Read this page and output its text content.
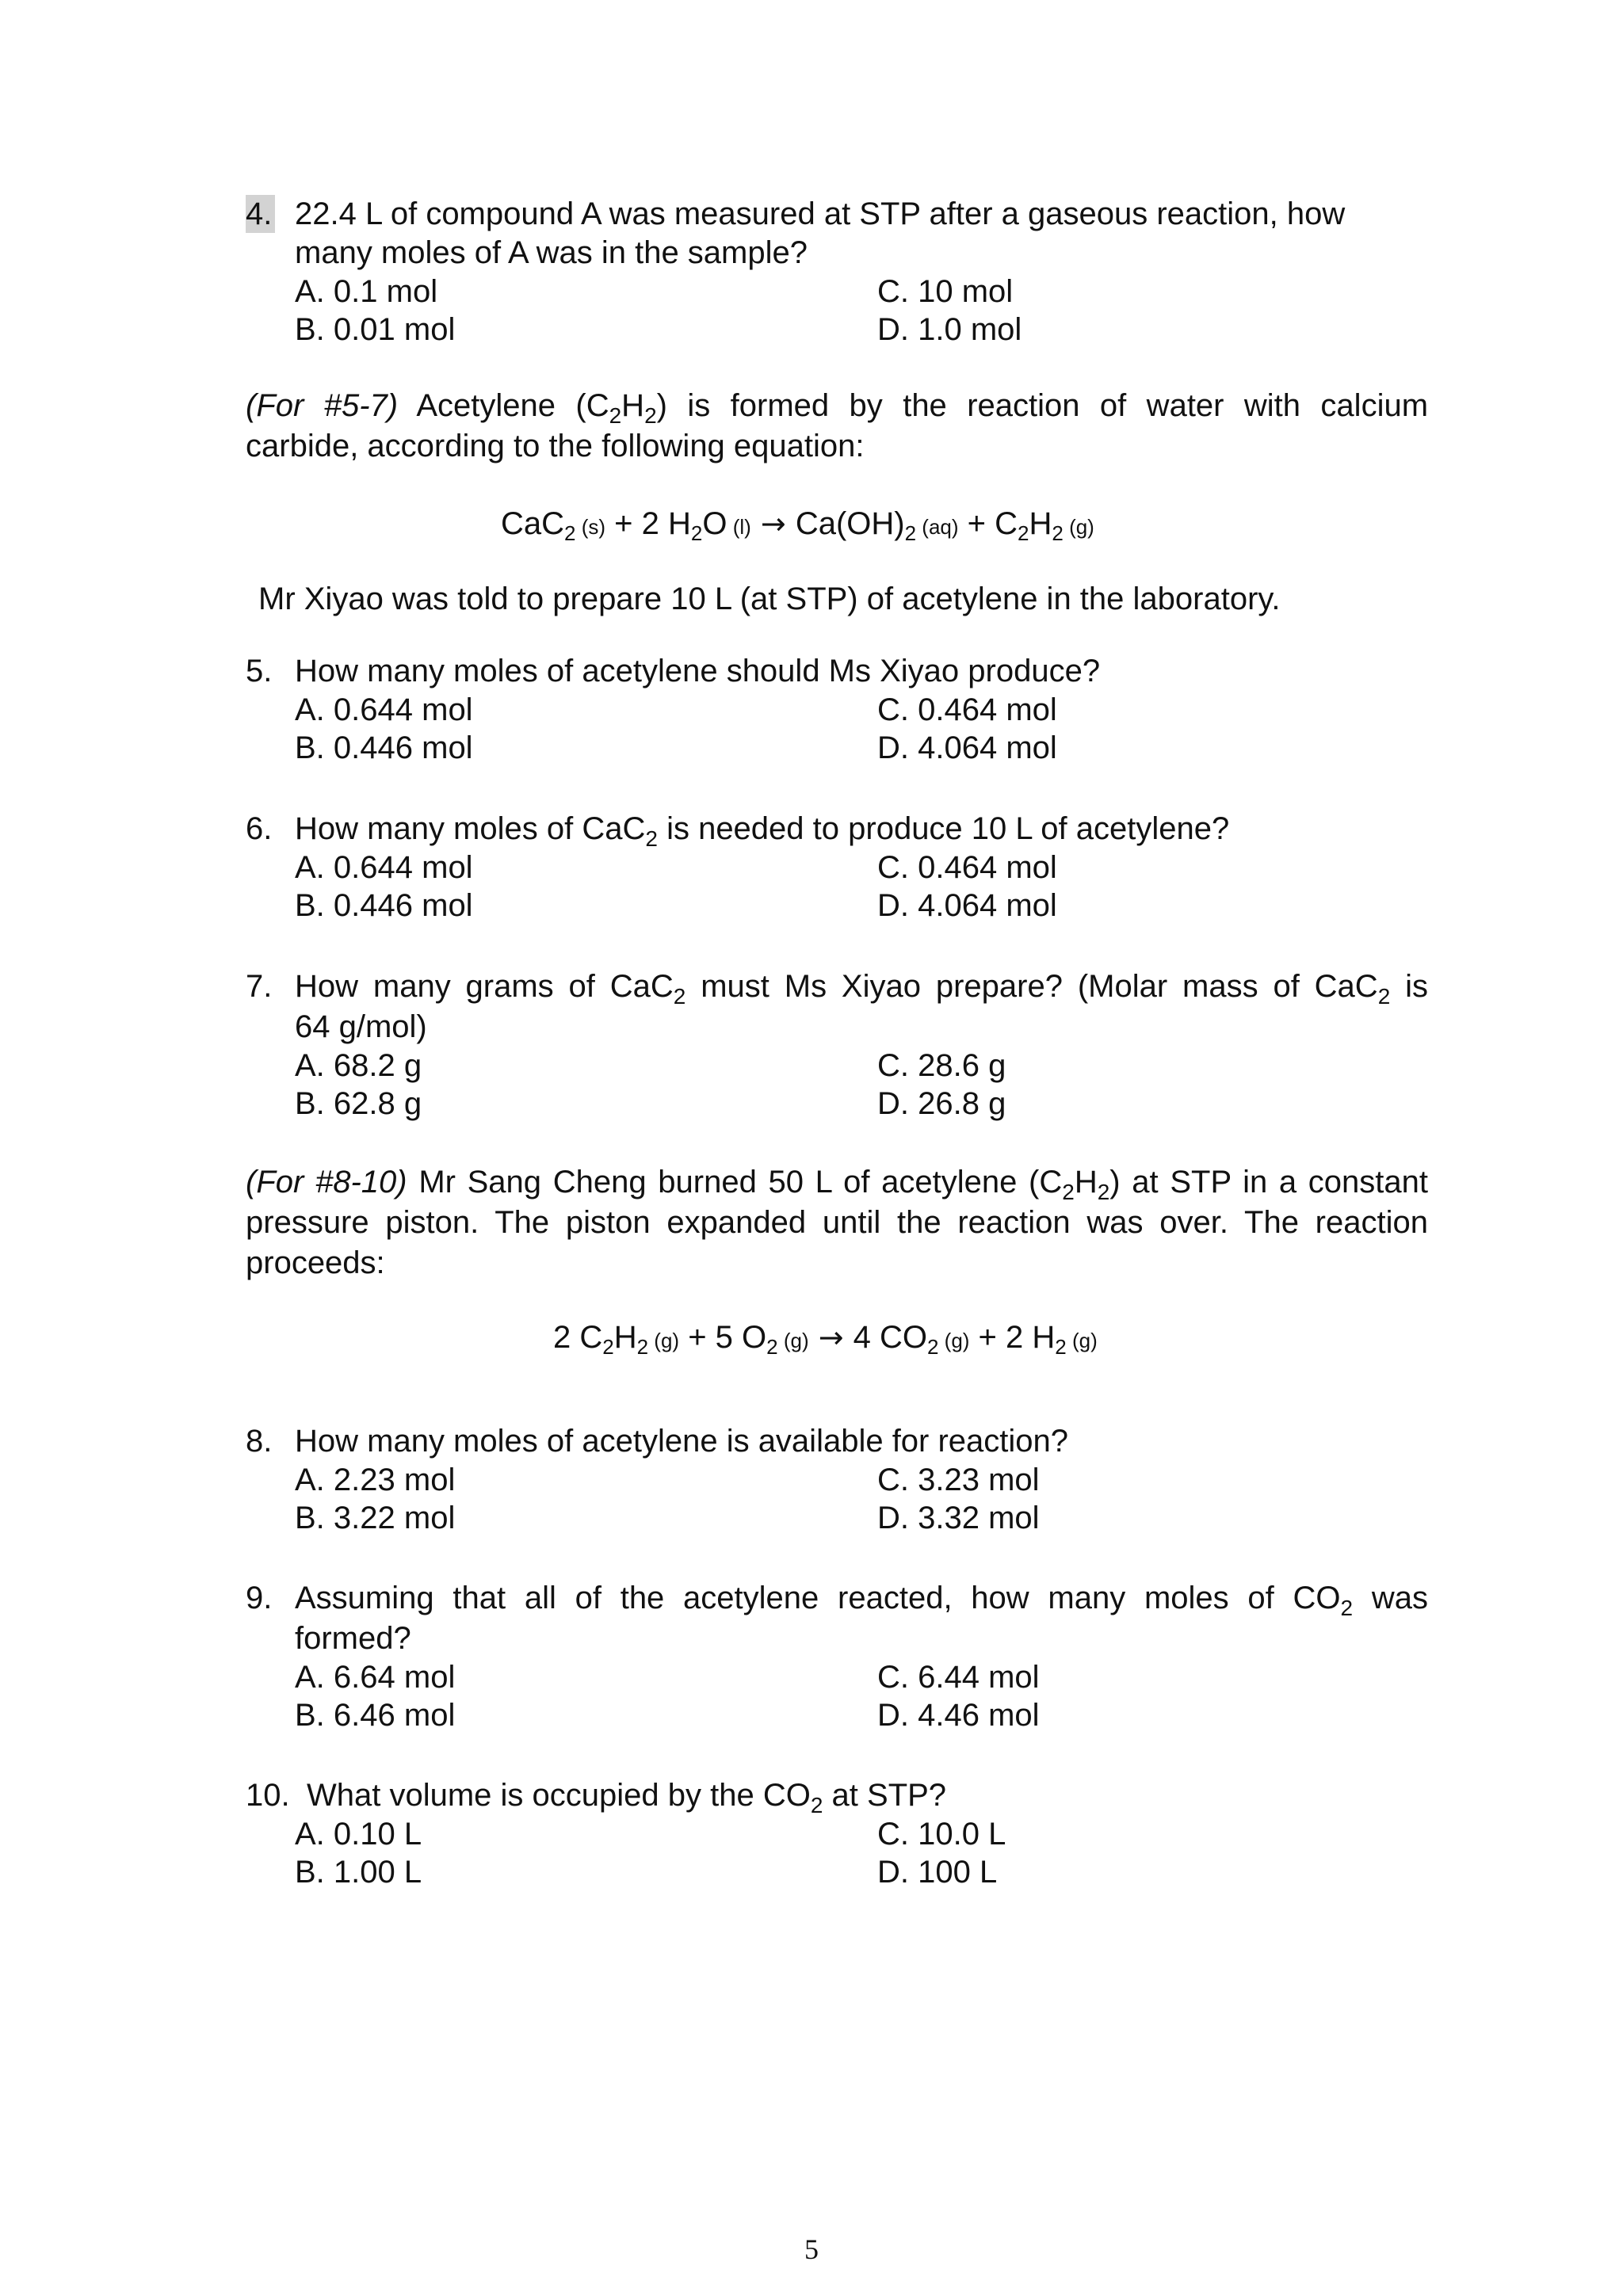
4. 22.4 L of compound A was measured at STP after a gaseous reaction, how
many moles of A was in the sample?
A. 0.1 mol	C. 10 mol
B. 0.01 mol	D. 1.0 mol
(For #5-7) Acetylene $(C_2H_2)$ is formed by the reaction of water with calcium
carbide, according to the following equation:
CaC$_2$ (s) + 2 $H_2O$ $(l) \to Ca(OH)_2$ $(aq) + C_2H_2$ (g)
Mr Xiyao was told to prepare 10 L (at STP) of acetylene in the laboratory.
5. How many moles of acetylene should Ms Xiyao produce?
A. 0.644 mol	C. 0.464 mol
B. 0.446 mol	D. 4.064 mol
6. How many moles of CaC$_2$ is needed to produce 10 L of acetylene?
A. 0.644 mol	C. 0.464 mol
B. 0.446 mol	D. 4.064 mol
7. How many grams of CaC$_2$ must Ms Xiyao prepare? (Molar mass of CaC$_2$ is
64 g/mol)
A. 68.2 g	C. 28.6 g
B. 62.8 g	D. 26.8 g
(For #8-10) Mr Sang Cheng burned 50 L of acetylene $(C_2H_2)$ at STP in a constant
pressure piston. The piston expanded until the reaction was over. The reaction
proceeds:
2 $C_2H_2$ (g) + 5 $O_2$ (g) → 4 $CO_2$ (g) + 2 $H_2$ (g)
8. How many moles of acetylene is available for reaction?
A. 2.23 mol	C. 3.23 mol
B. 3.22 mol	D. 3.32 mol
9. Assuming that all of the acetylene reacted, how many moles of $CO_2$ was
formed?
A. 6.64 mol	C. 6.44 mol
B. 6.46 mol	D. 4.46 mol
10. What volume is occupied by the $CO_2$ at STP?
A. 0.10 L	C. 10.0 L
B. 1.00 L	D. 100 L
5
